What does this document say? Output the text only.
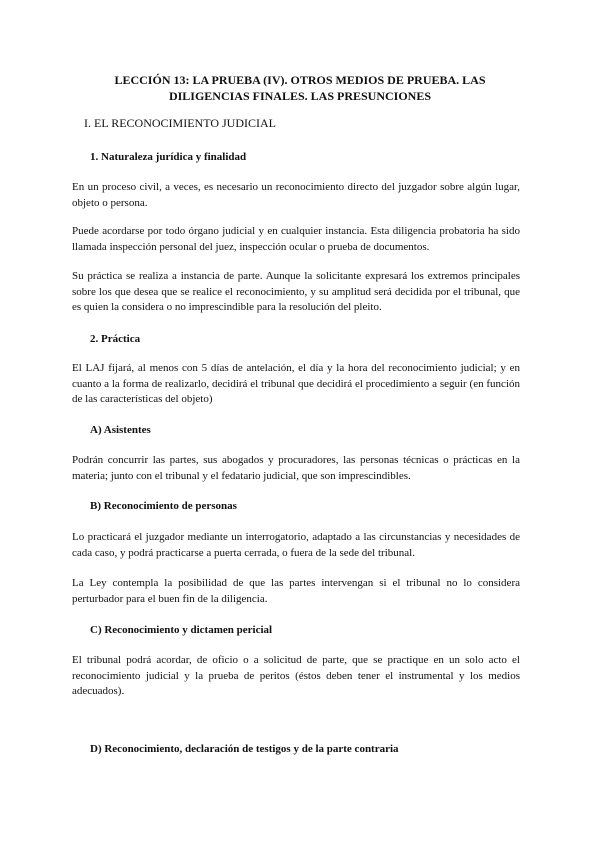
LECCIÓN 13: LA PRUEBA (IV). OTROS MEDIOS DE PRUEBA. LAS DILIGENCIAS FINALES. LAS PRESUNCIONES
I. EL RECONOCIMIENTO JUDICIAL
1. Naturaleza jurídica y finalidad

En un proceso civil, a veces, es necesario un reconocimiento directo del juzgador sobre algún lugar, objeto o persona.

Puede acordarse por todo órgano judicial y en cualquier instancia. Esta diligencia probatoria ha sido llamada inspección personal del juez, inspección ocular o prueba de documentos.

Su práctica se realiza a instancia de parte. Aunque la solicitante expresará los extremos principales sobre los que desea que se realice el reconocimiento, y su amplitud será decidida por el tribunal, que es quien la considera o no imprescindible para la resolución del pleito.

2. Práctica

El LAJ fijará, al menos con 5 días de antelación, el día y la hora del reconocimiento judicial; y en cuanto a la forma de realizarlo, decidirá el tribunal que decidirá el procedimiento a seguir (en función de las características del objeto)

A) Asistentes

Podrán concurrir las partes, sus abogados y procuradores, las personas técnicas o prácticas en la materia; junto con el tribunal y el fedatario judicial, que son imprescindibles.

B) Reconocimiento de personas

Lo practicará el juzgador mediante un interrogatorio, adaptado a las circunstancias y necesidades de cada caso, y podrá practicarse a puerta cerrada, o fuera de la sede del tribunal.

La Ley contempla la posibilidad de que las partes intervengan si el tribunal no lo considera perturbador para el buen fin de la diligencia.

C) Reconocimiento y dictamen pericial

El tribunal podrá acordar, de oficio o a solicitud de parte, que se practique en un solo acto el reconocimiento judicial y la prueba de peritos (éstos deben tener el instrumental y los medios adecuados).

D) Reconocimiento, declaración de testigos y de la parte contraria
